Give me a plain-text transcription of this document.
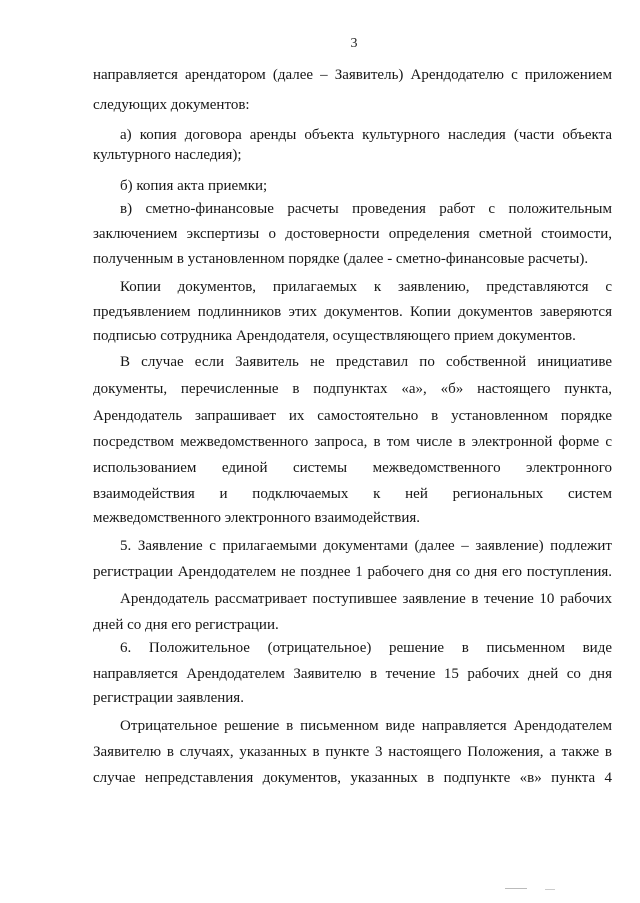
3
направляется арендатором (далее – Заявитель) Арендодателю с приложением
следующих документов:
а) копия договора аренды объекта культурного наследия (части объекта
культурного наследия);
б) копия акта приемки;
в) сметно-финансовые расчеты проведения работ с положительным
заключением экспертизы о достоверности определения сметной стоимости,
полученным в установленном порядке (далее - сметно-финансовые расчеты).
Копии документов, прилагаемых к заявлению, представляются с
предъявлением подлинников этих документов. Копии документов заверяются
подписью сотрудника Арендодателя, осуществляющего прием документов.
В случае если Заявитель не представил по собственной инициативе
документы, перечисленные в подпунктах «а», «б» настоящего пункта,
Арендодатель запрашивает их самостоятельно в установленном порядке
посредством межведомственного запроса, в том числе в электронной форме с
использованием единой системы межведомственного электронного
взаимодействия и подключаемых к ней региональных систем
межведомственного электронного взаимодействия.
5. Заявление с прилагаемыми документами (далее – заявление) подлежит
регистрации Арендодателем не позднее 1 рабочего дня со дня его поступления.
Арендодатель рассматривает поступившее заявление в течение 10 рабочих
дней со дня его регистрации.
6. Положительное (отрицательное) решение в письменном виде
направляется Арендодателем Заявителю в течение 15 рабочих дней со дня
регистрации заявления.
Отрицательное решение в письменном виде направляется Арендодателем
Заявителю в случаях, указанных в пункте 3 настоящего Положения, а также в
случае непредставления документов, указанных в подпункте «в» пункта 4
